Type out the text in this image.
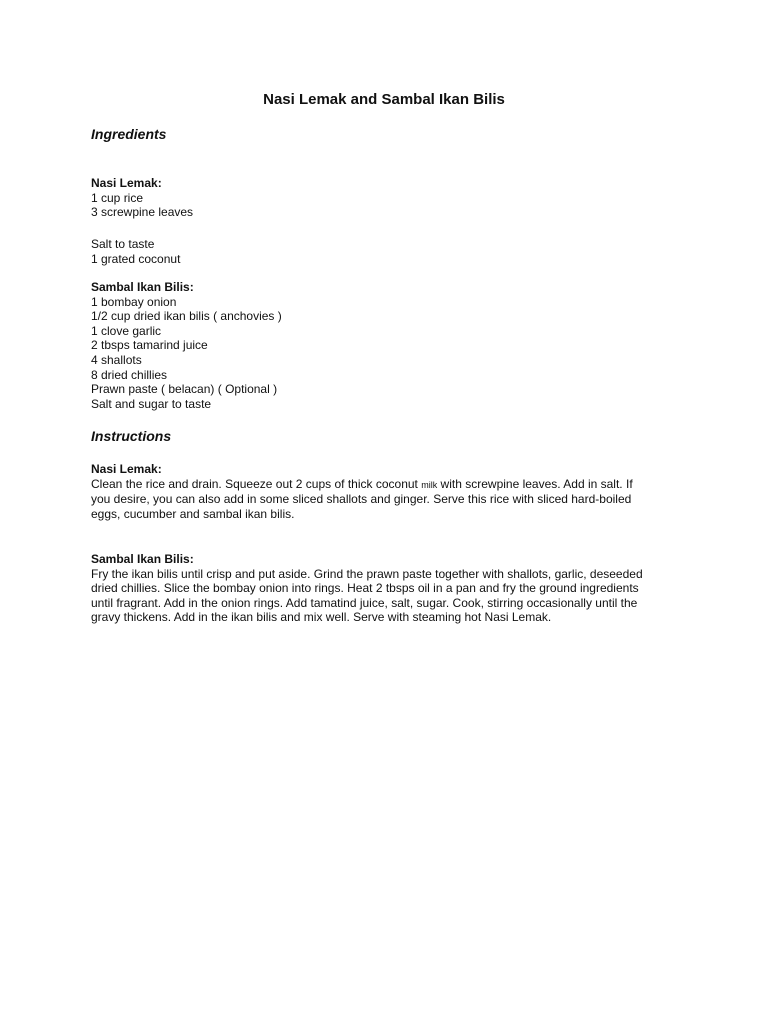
Nasi Lemak and Sambal Ikan Bilis
Ingredients
Nasi Lemak:
1 cup rice
3 screwpine leaves
Salt to taste
1 grated coconut
Sambal Ikan Bilis:
1 bombay onion
1/2 cup dried ikan bilis ( anchovies )
1 clove garlic
2 tbsps tamarind juice
4 shallots
8 dried chillies
Prawn paste ( belacan) ( Optional )
Salt and sugar to taste
Instructions
Nasi Lemak:
Clean the rice and drain. Squeeze out 2 cups of thick coconut milk with screwpine leaves. Add in salt. If
you desire, you can also add in some sliced shallots and ginger. Serve this rice with sliced hard-boiled
eggs, cucumber and sambal ikan bilis.
Sambal Ikan Bilis:
Fry the ikan bilis until crisp and put aside. Grind the prawn paste together with shallots, garlic, deseeded
dried chillies. Slice the bombay onion into rings. Heat 2 tbsps oil in a pan and fry the ground ingredients
until fragrant. Add in the onion rings. Add tamatind juice, salt, sugar. Cook, stirring occasionally until the
gravy thickens. Add in the ikan bilis and mix well. Serve with steaming hot Nasi Lemak.
